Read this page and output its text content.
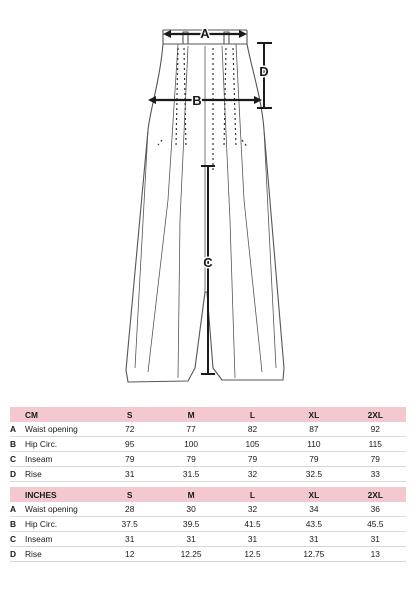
A
B
C
D
	CM	S	M	L	XL	2XL
A	Waist opening	72	77	82	87	92
B	Hip Circ.	95	100	105	110	115
C	Inseam	79	79	79	79	79
D	Rise	31	31.5	32	32.5	33
	INCHES	S	M	L	XL	2XL
A	Waist opening	28	30	32	34	36
B	Hip Circ.	37.5	39.5	41.5	43.5	45.5
C	Inseam	31	31	31	31	31
D	Rise	12	12.25	12.5	12.75	13
